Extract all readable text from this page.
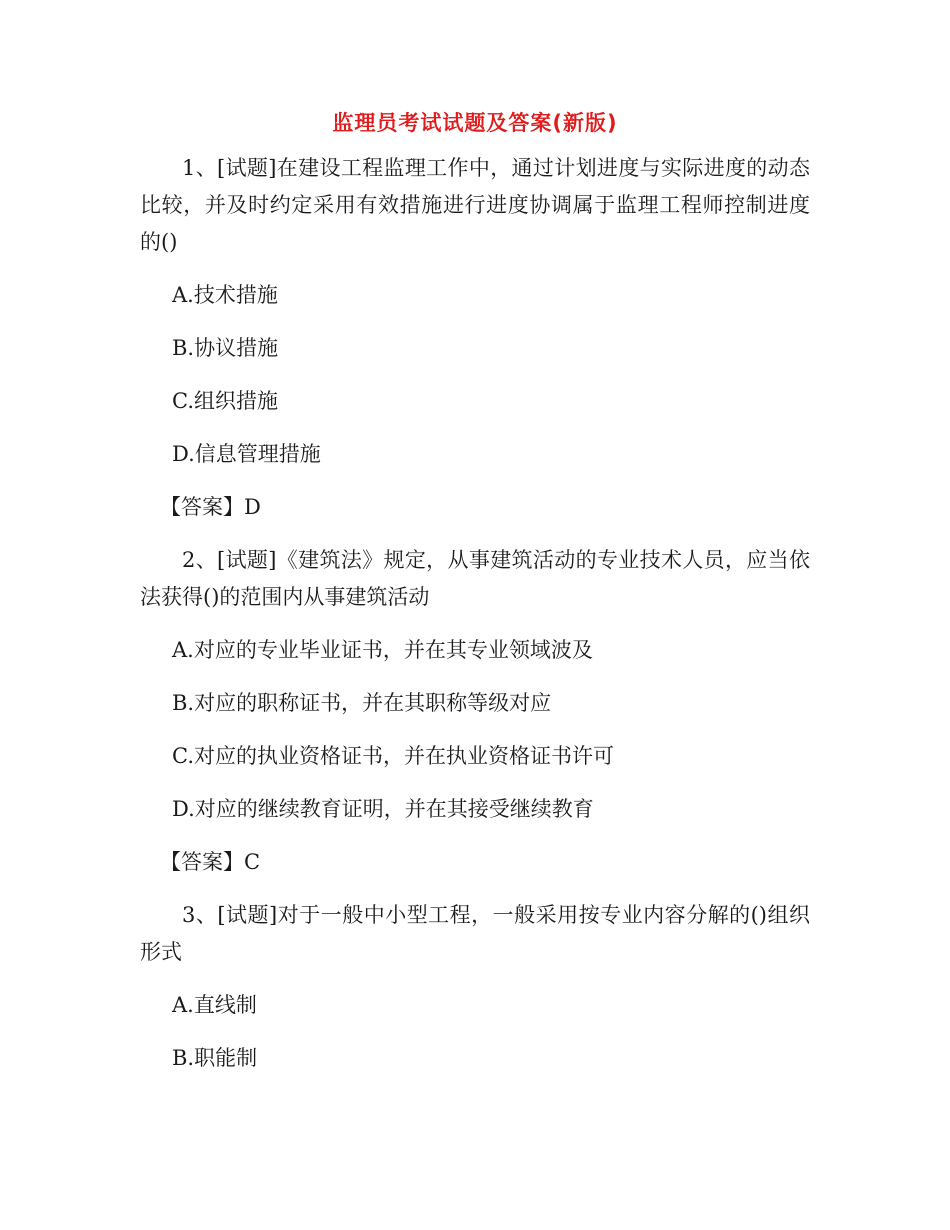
监理员考试试题及答案(新版)

1、[试题]在建设工程监理工作中，通过计划进度与实际进度的动态比较，并及时约定采用有效措施进行进度协调属于监理工程师控制进度的()

A.技术措施

B.协议措施

C.组织措施

D.信息管理措施

【答案】D

2、[试题]《建筑法》规定，从事建筑活动的专业技术人员，应当依法获得()的范围内从事建筑活动

A.对应的专业毕业证书，并在其专业领域波及

B.对应的职称证书，并在其职称等级对应

C.对应的执业资格证书，并在执业资格证书许可

D.对应的继续教育证明，并在其接受继续教育

【答案】C

3、[试题]对于一般中小型工程，一般采用按专业内容分解的()组织形式

A.直线制

B.职能制
